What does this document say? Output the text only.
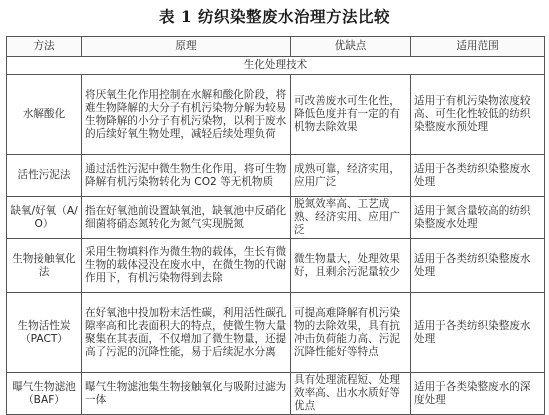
表 1 纺织染整废水治理方法比较
方法	原理	优缺点	适用范围
生化处理技术			
水解酸化	将厌氧生化作用控制在水解和酸化阶段，将难生物降解的大分子有机污染物分解为较易生物降解的小分子有机污染物，以利于废水的后续好氧生物处理，减轻后续处理负荷	可改善废水可生化性，降低色度并有一定的有机物去除效果	适用于有机污染物浓度较高、可生化性较低的纺织染整废水预处理
活性污泥法	通过活性污泥中微生物生化作用，将可生物降解有机污染物转化为 CO2 等无机物质	成熟可靠，经济实用，应用广泛	适用于各类纺织染整废水处理
缺氧/好氧（A/O）	指在好氧池前设置缺氧池，缺氧池中反硝化细菌将硝态氮转化为氮气实现脱氮	脱氮效率高、工艺成熟、经济实用、应用广泛	适用于氮含量较高的纺织染整废水处理
生物接触氧化法	采用生物填料作为微生物的载体，生长有微生物的载体浸没在废水中，在微生物的代谢作用下，有机污染物得到去除	微生物量大，处理效果好，且剩余污泥量较少	适用于各类纺织染整废水处理
生物活性炭（PACT）	在好氧池中投加粉末活性碳，利用活性碳孔隙率高和比表面积大的特点，使微生物大量聚集在其表面，不仅增加了微生物量，还提高了污泥的沉降性能，易于后续泥水分离	可提高难降解有机污染物的去除效果，具有抗冲击负荷能力高、污泥沉降性能好等特点	适用于各类纺织染整废水处理
曝气生物滤池（BAF）	曝气生物滤池集生物接触氧化与吸附过滤为一体	具有处理流程短、处理效率高、出水水质好等优点	适用于各类染整废水的深度处理
